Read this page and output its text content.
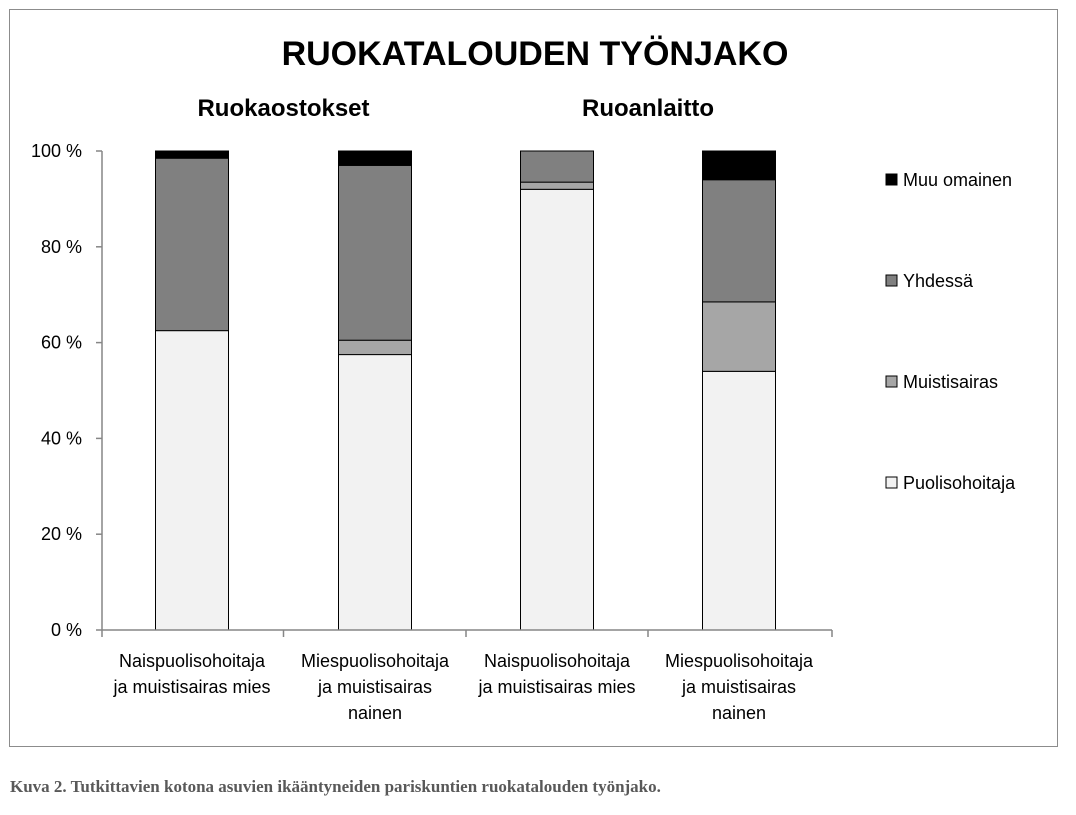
RUOKATALOUDEN TYÖNJAKO
Ruokaostokset	Ruoanlaitto
0 %
20 %
40 %
60 %
80 %
100 %
Naispuolisohoitaja ja muistisairas mies
Miespuolisohoitaja ja muistisairas nainen
Naispuolisohoitaja ja muistisairas mies
Miespuolisohoitaja ja muistisairas nainen
Muu omainen
Yhdessä
Muistisairas
Puolisohoitaja

Kuva 2. Tutkittavien kotona asuvien ikääntyneiden pariskuntien ruokatalouden työnjako.
